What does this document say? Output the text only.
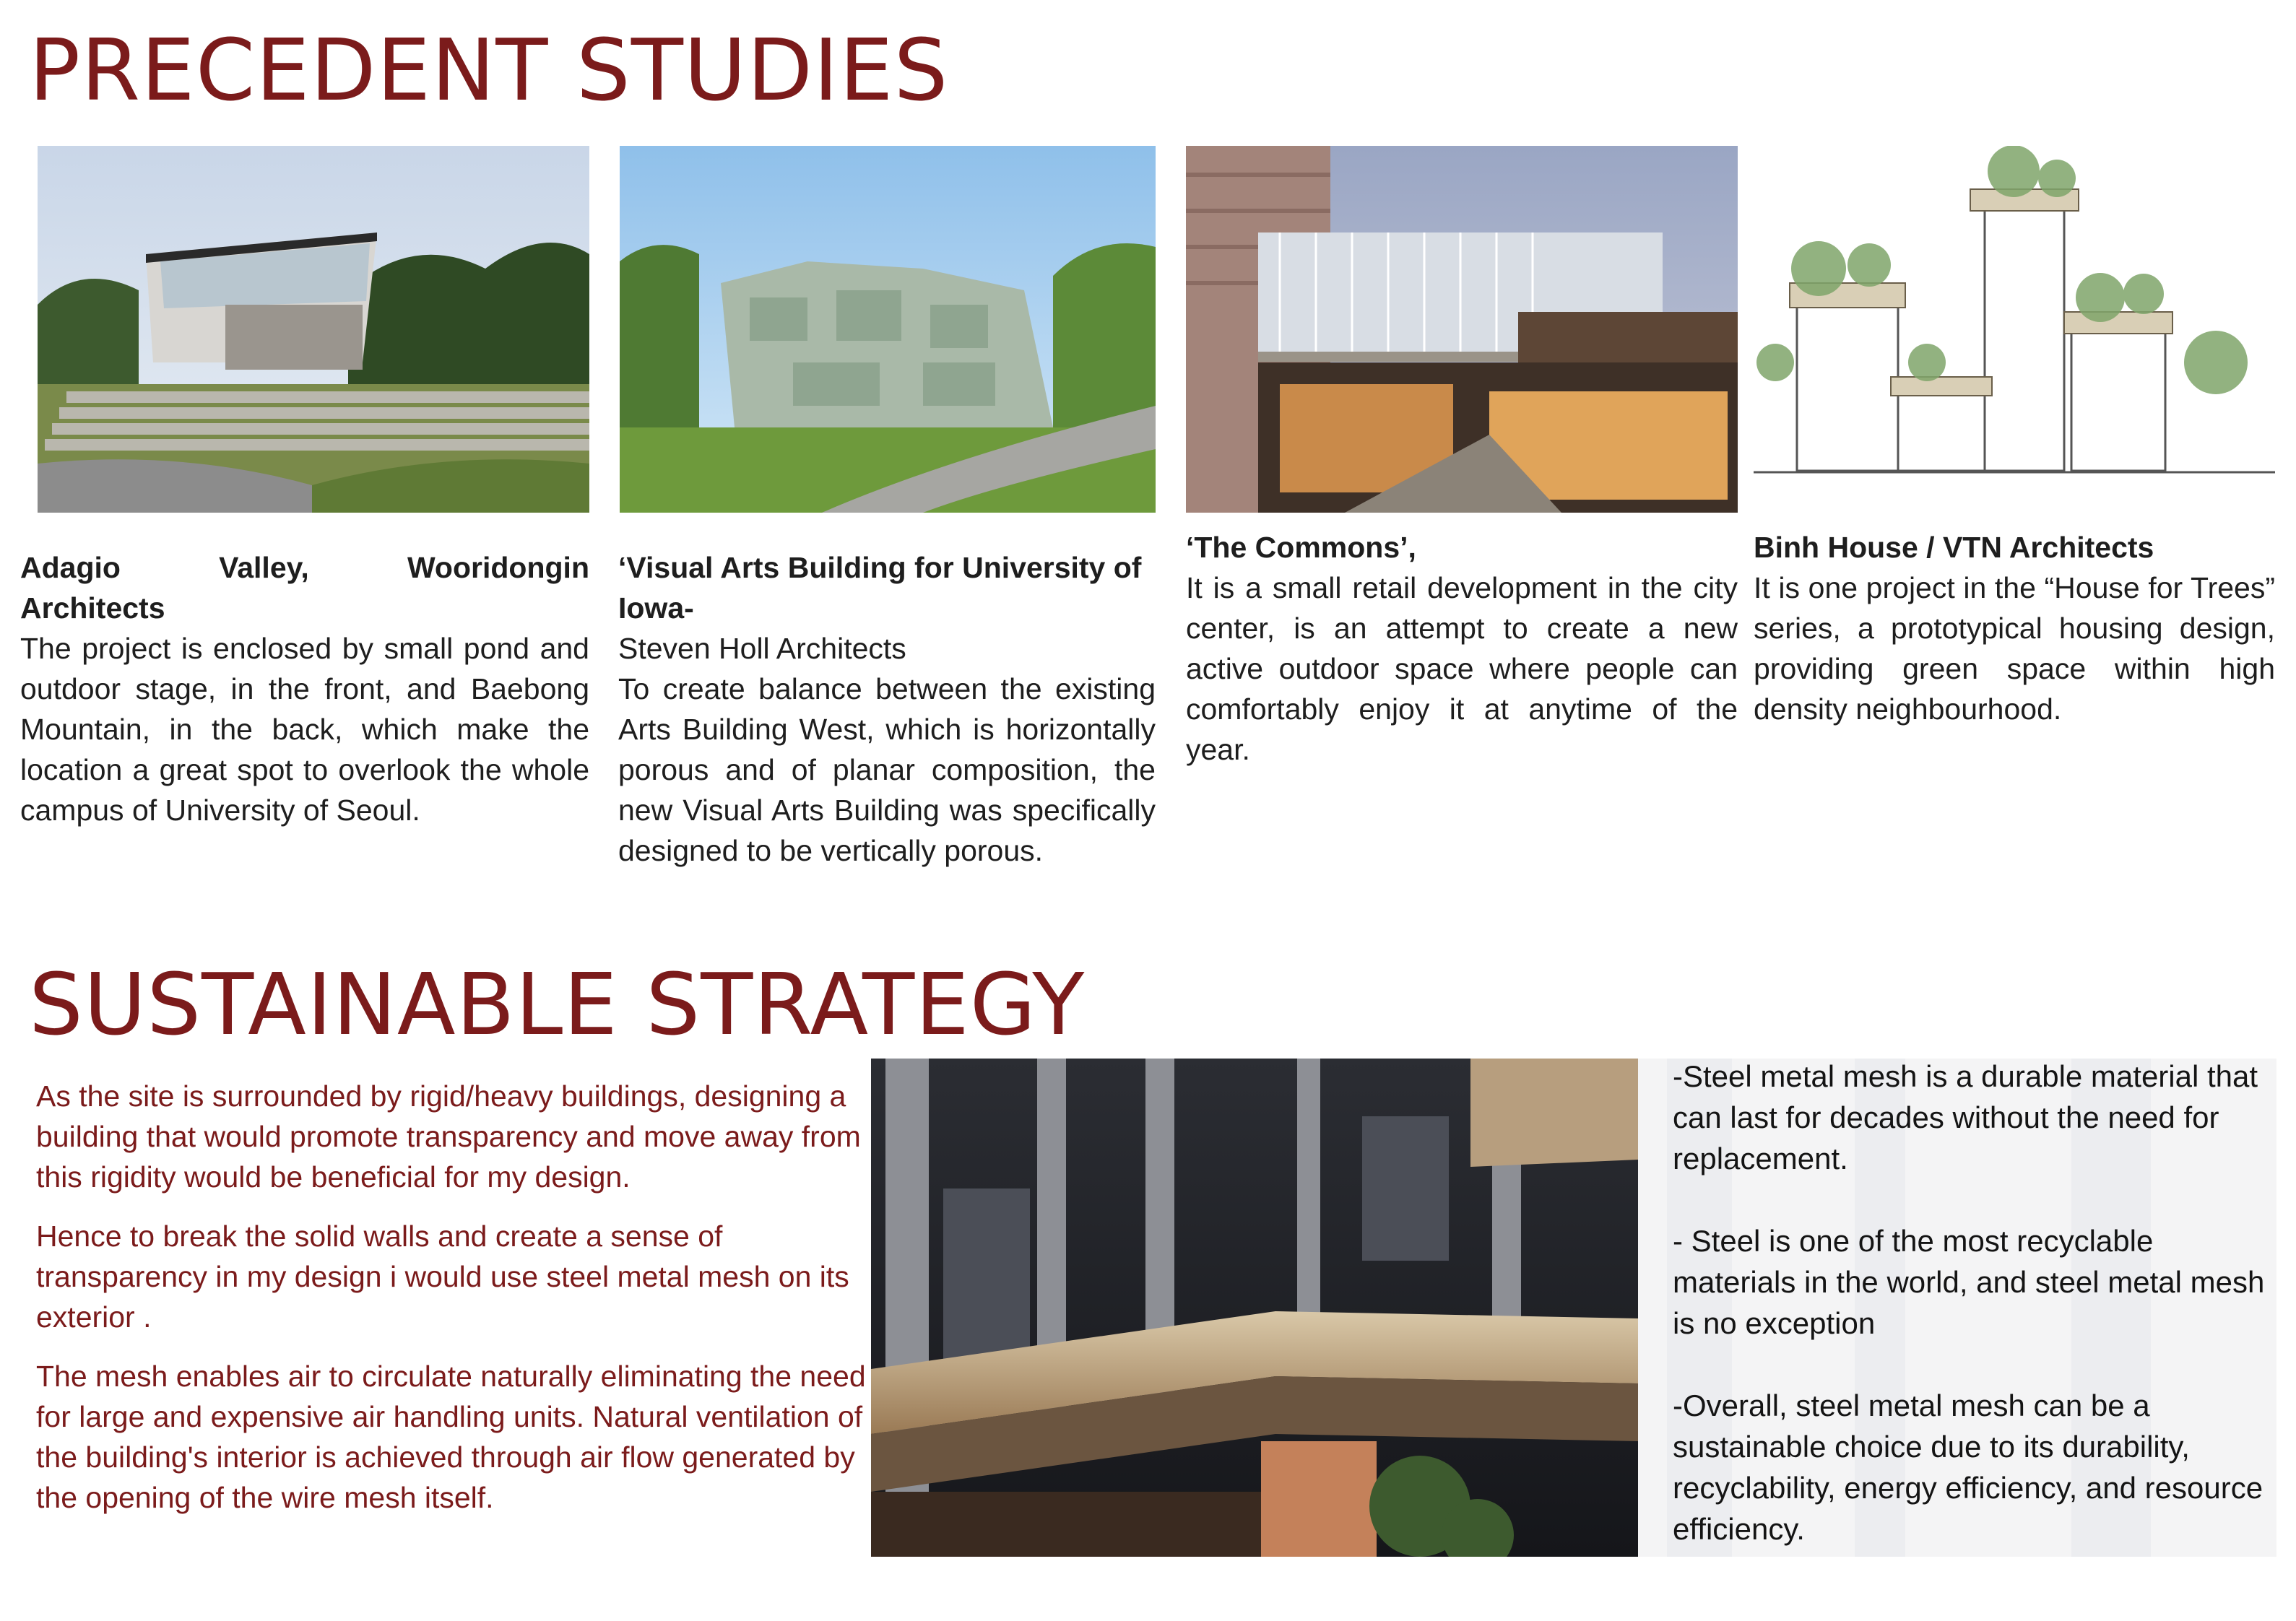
PRECEDENT STUDIES
Adagio Valley, Wooridongin
Architects
The project is enclosed by small pond and outdoor stage, in the front, and Baebong Mountain, in the back, which make the location a great spot to overlook the whole campus of University of Seoul.
‘Visual Arts Building for University of Iowa-
Steven Holl Architects
To create balance between the existing Arts Building West, which is horizontally porous and of planar composition, the new Visual Arts Building was specifically designed to be vertically porous.
‘The Commons’,
It is a small retail development in the city center, is an attempt to create a new active outdoor space where people can comfortably enjoy it at anytime of the year.
Binh House / VTN Architects
It is one project in the “House for Trees” series, a prototypical housing design, providing green space within high density neighbourhood.
SUSTAINABLE STRATEGY

As the site is surrounded by rigid/heavy buildings, designing a building that would promote transparency and move away from this rigidity would be beneficial for my design.

Hence to break the solid walls and create a sense of transparency in my design i would use steel metal mesh on its exterior .

The mesh enables air to circulate naturally eliminating the need for large and expensive air handling units. Natural ventilation of the building's interior is achieved through air flow generated by the opening of the wire mesh itself.

-Steel metal mesh is a durable material that can last for decades without the need for replacement.

- Steel is one of the most recyclable materials in the world, and steel metal mesh is no exception

-Overall, steel metal mesh can be a sustainable choice due to its durability, recyclability, energy efficiency, and resource efficiency.
